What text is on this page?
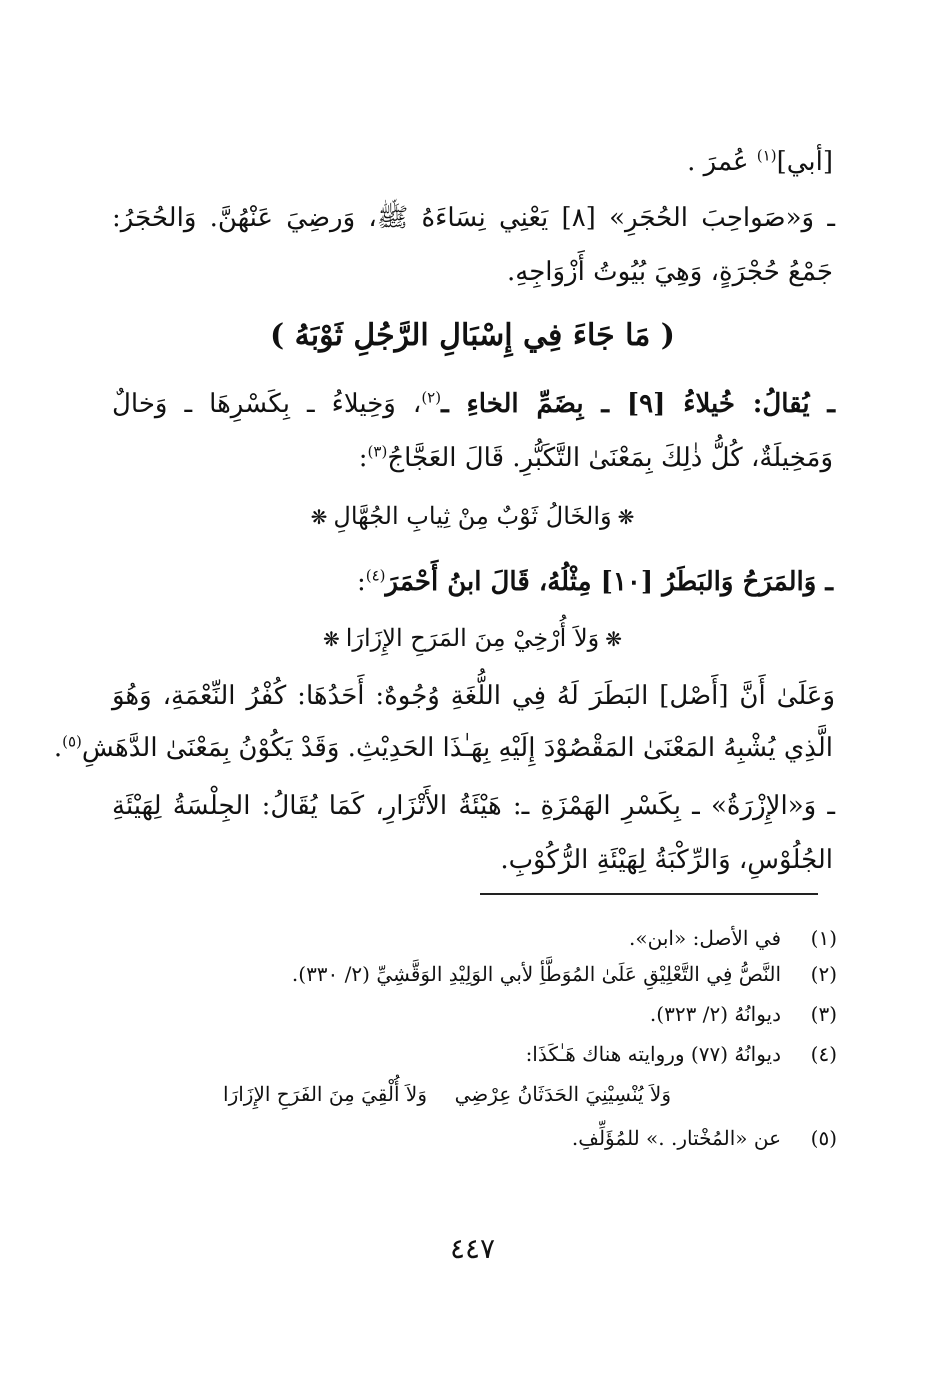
[أبي]$^{(١)}$ عُمرَ .
ـ وَ«صَواحِبَ الحُجَرِ» [٨] يَعْنِي نِسَاءَهُ ﷺ، وَرضِيَ عَنْهُنَّ. وَالحُجَرُ:
جَمْعُ حُجْرَةٍ، وَهِيَ بُيُوتُ أَزْوَاجِهِ.
( مَا جَاءَ فِي إِسْبَالِ الرَّجُلِ ثَوْبَهُ )
ـ يُقالُ: خُيلاءُ [٩] ـ بِضَمِّ الخاءِ ـ$^{(٢)}$، وَخِيلاءُ ـ بِكَسْرِهَا ـ وَخالٌ
وَمَخِيلَةٌ، كُلُّ ذٰلِكَ بِمَعْنَىٰ التَّكَبُّرِ. قَالَ العَجَّاجُ$^{(٣)}$:
❋وَالخَالُ ثَوْبٌ مِنْ ثِيابِ الجُهَّالِ❋
ـ وَالمَرَحُ وَالبَطَرُ [١٠] مِثْلُهُ، قَالَ ابنُ أَحْمَرَ$^{(٤)}$:
❋وَلاَ أُرْخِيْ مِنَ المَرَحِ الإِزَارَا❋
وَعَلَىٰ أَنَّ [أَصْل] البَطَرَ لَهُ فِي اللُّغَةِ وُجُوهٌ: أَحَدُهَا: كُفْرُ النِّعْمَةِ، وَهُوَ
الَّذِي يُشْبِهُ المَعْنَىٰ المَقْصُوْدَ إِلَيْهِ بِهَـٰذَا الحَدِيْثِ. وَقَدْ يَكُوْنُ بِمَعْنَىٰ الدَّهَشِ$^{(٥)}$.
ـ وَ«الإِزْرَةُ» ـ بِكَسْرِ الهَمْزَةِ ـ: هَيْئَةُ الأَتْزَارِ، كَمَا يُقَالُ: الجِلْسَةُ لِهَيْئَةِ
الجُلُوْسِ، وَالرِّكْبَةُ لِهَيْئَةِ الرُّكُوْبِ.
(١)في الأصل: «ابن».
(٢)النَّصُّ فِي التَّعْلِيْقِ عَلَىٰ المُوَطَّأِ لأبي الوَلِيْدِ الوَقَّشِيِّ (٢/ ٣٣٠).
(٣)ديوانُهُ (٢/ ٣٢٣).
(٤)ديوانُهُ (٧٧) وروايته هناك هَـٰكَذَا:
وَلاَ يُنْسِيْنِيَ الحَدَثَانُ عِرْضِي
وَلاَ أُلْقِيَ مِنَ الفَرَحِ الإِزَارَا
(٥)عن «المُخْتار. .» للمُؤَلِّفِ.
٤٤٧
